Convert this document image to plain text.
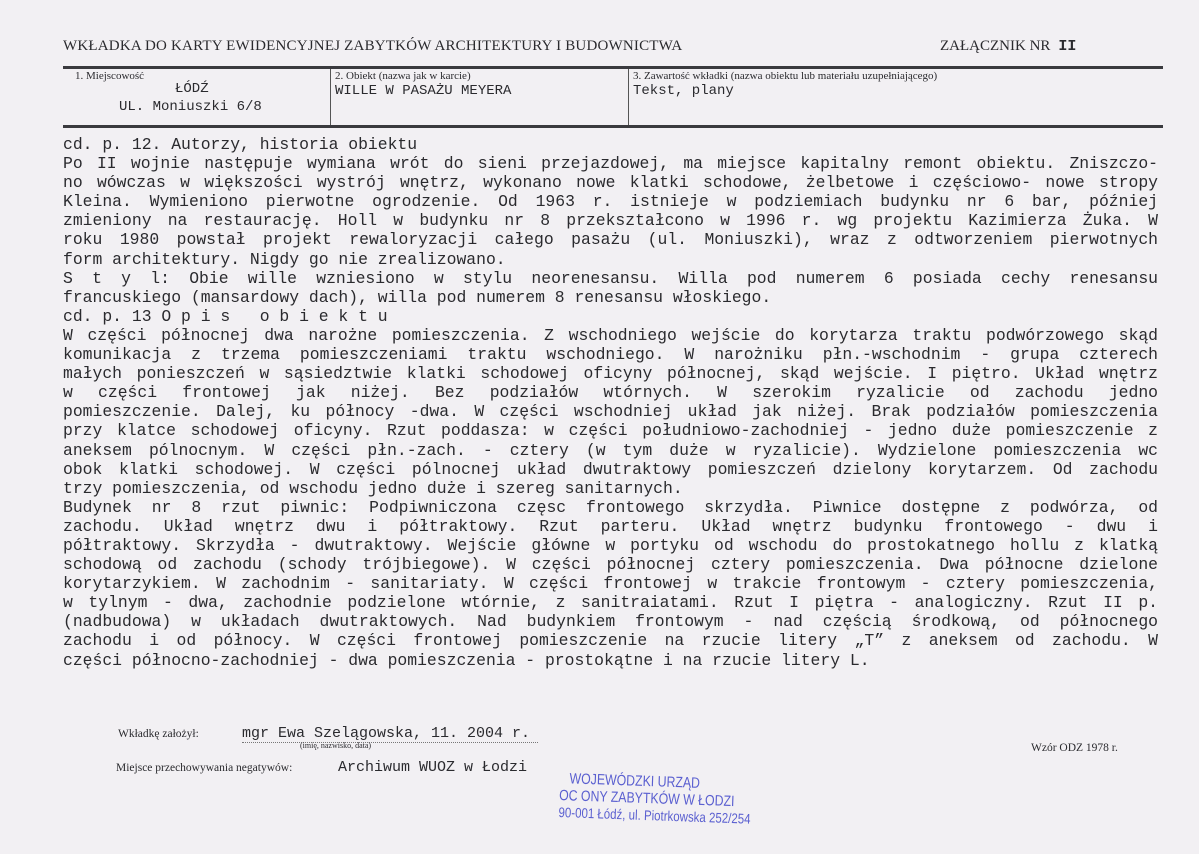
WKŁADKA DO KARTY EWIDENCYJNEJ ZABYTKÓW ARCHITEKTURY I BUDOWNICTWA	ZAŁĄCZNIK NR II
1. Miejscowość
ŁÓDŹ
UL. Moniuszki 6/8
2. Obiekt (nazwa jak w karcie)
WILLE W PASAŻU MEYERA
3. Zawartość wkładki (nazwa obiektu lub materiału uzupełniającego)
Tekst, plany
cd. p. 12. Autorzy, historia obiektu
Po II wojnie następuje wymiana wrót do sieni przejazdowej, ma miejsce kapitalny remont obiektu. Zniszczo-
no wówczas w większości wystrój wnętrz, wykonano nowe klatki schodowe, żelbetowe i częściowo- nowe stropy
Kleina. Wymieniono pierwotne ogrodzenie. Od 1963 r. istnieje w podziemiach budynku nr 6 bar, później
zmieniony na restaurację. Holl w budynku nr 8 przekształcono w 1996 r. wg projektu Kazimierza Żuka. W
roku 1980 powstał projekt rewaloryzacji całego pasażu (ul. Moniuszki), wraz z odtworzeniem pierwotnych
form architektury. Nigdy go nie zrealizowano.
S t y l: Obie wille wzniesiono w stylu neorenesansu. Willa pod numerem 6 posiada cechy renesansu
francuskiego (mansardowy dach), willa pod numerem 8 renesansu włoskiego.
cd. p. 13 O p i s   o b i e k t u
W części północnej dwa narożne pomieszczenia. Z wschodniego wejście do korytarza traktu podwórzowego skąd
komunikacja z trzema pomieszczeniami traktu wschodniego. W narożniku płn.-wschodnim - grupa czterech
małych ponieszczeń w sąsiedztwie klatki schodowej oficyny północnej, skąd wejście. I piętro. Układ wnętrz
w części frontowej jak niżej. Bez podziałów wtórnych. W szerokim ryzalicie od zachodu jedno
pomieszczenie. Dalej, ku północy -dwa. W części wschodniej układ jak niżej. Brak podziałów pomieszczenia
przy klatce schodowej oficyny. Rzut poddasza: w części południowo-zachodniej - jedno duże pomieszczenie z
aneksem pólnocnym. W części płn.-zach. - cztery (w tym duże w ryzalicie). Wydzielone pomieszczenia wc
obok klatki schodowej. W części pólnocnej układ dwutraktowy pomieszczeń dzielony korytarzem. Od zachodu
trzy pomieszczenia, od wschodu jedno duże i szereg sanitarnych.
Budynek nr 8 rzut piwnic: Podpiwniczona częsc frontowego skrzydła. Piwnice dostępne z podwórza, od
zachodu. Układ wnętrz dwu i półtraktowy. Rzut parteru. Układ wnętrz budynku frontowego - dwu i
półtraktowy. Skrzydła - dwutraktowy. Wejście główne w portyku od wschodu do prostokatnego hollu z klatką
schodową od zachodu (schody trójbiegowe). W części północnej cztery pomieszczenia. Dwa północne dzielone
korytarzykiem. W zachodnim - sanitariaty. W części frontowej w trakcie frontowym - cztery pomieszczenia,
w tylnym - dwa, zachodnie podzielone wtórnie, z sanitraiatami. Rzut I piętra - analogiczny. Rzut II p.
(nadbudowa) w układach dwutraktowych. Nad budynkiem frontowym - nad częścią środkową, od północnego
zachodu i od północy. W części frontowej pomieszczenie na rzucie litery „T” z aneksem od zachodu. W
części północno-zachodniej - dwa pomieszczenia - prostokątne i na rzucie litery L.
Wkładkę założył:	mgr Ewa Szelągowska, 11. 2004 r.
(imię, nazwisko, data)	Wzór ODZ 1978 r.
Miejsce przechowywania negatywów:	Archiwum WUOZ w Łodzi
WOJEWÓDZKI URZĄD
OC ONY ZABYTKÓW W ŁODZI
90-001 Łódź, ul. Piotrkowska 252/254
